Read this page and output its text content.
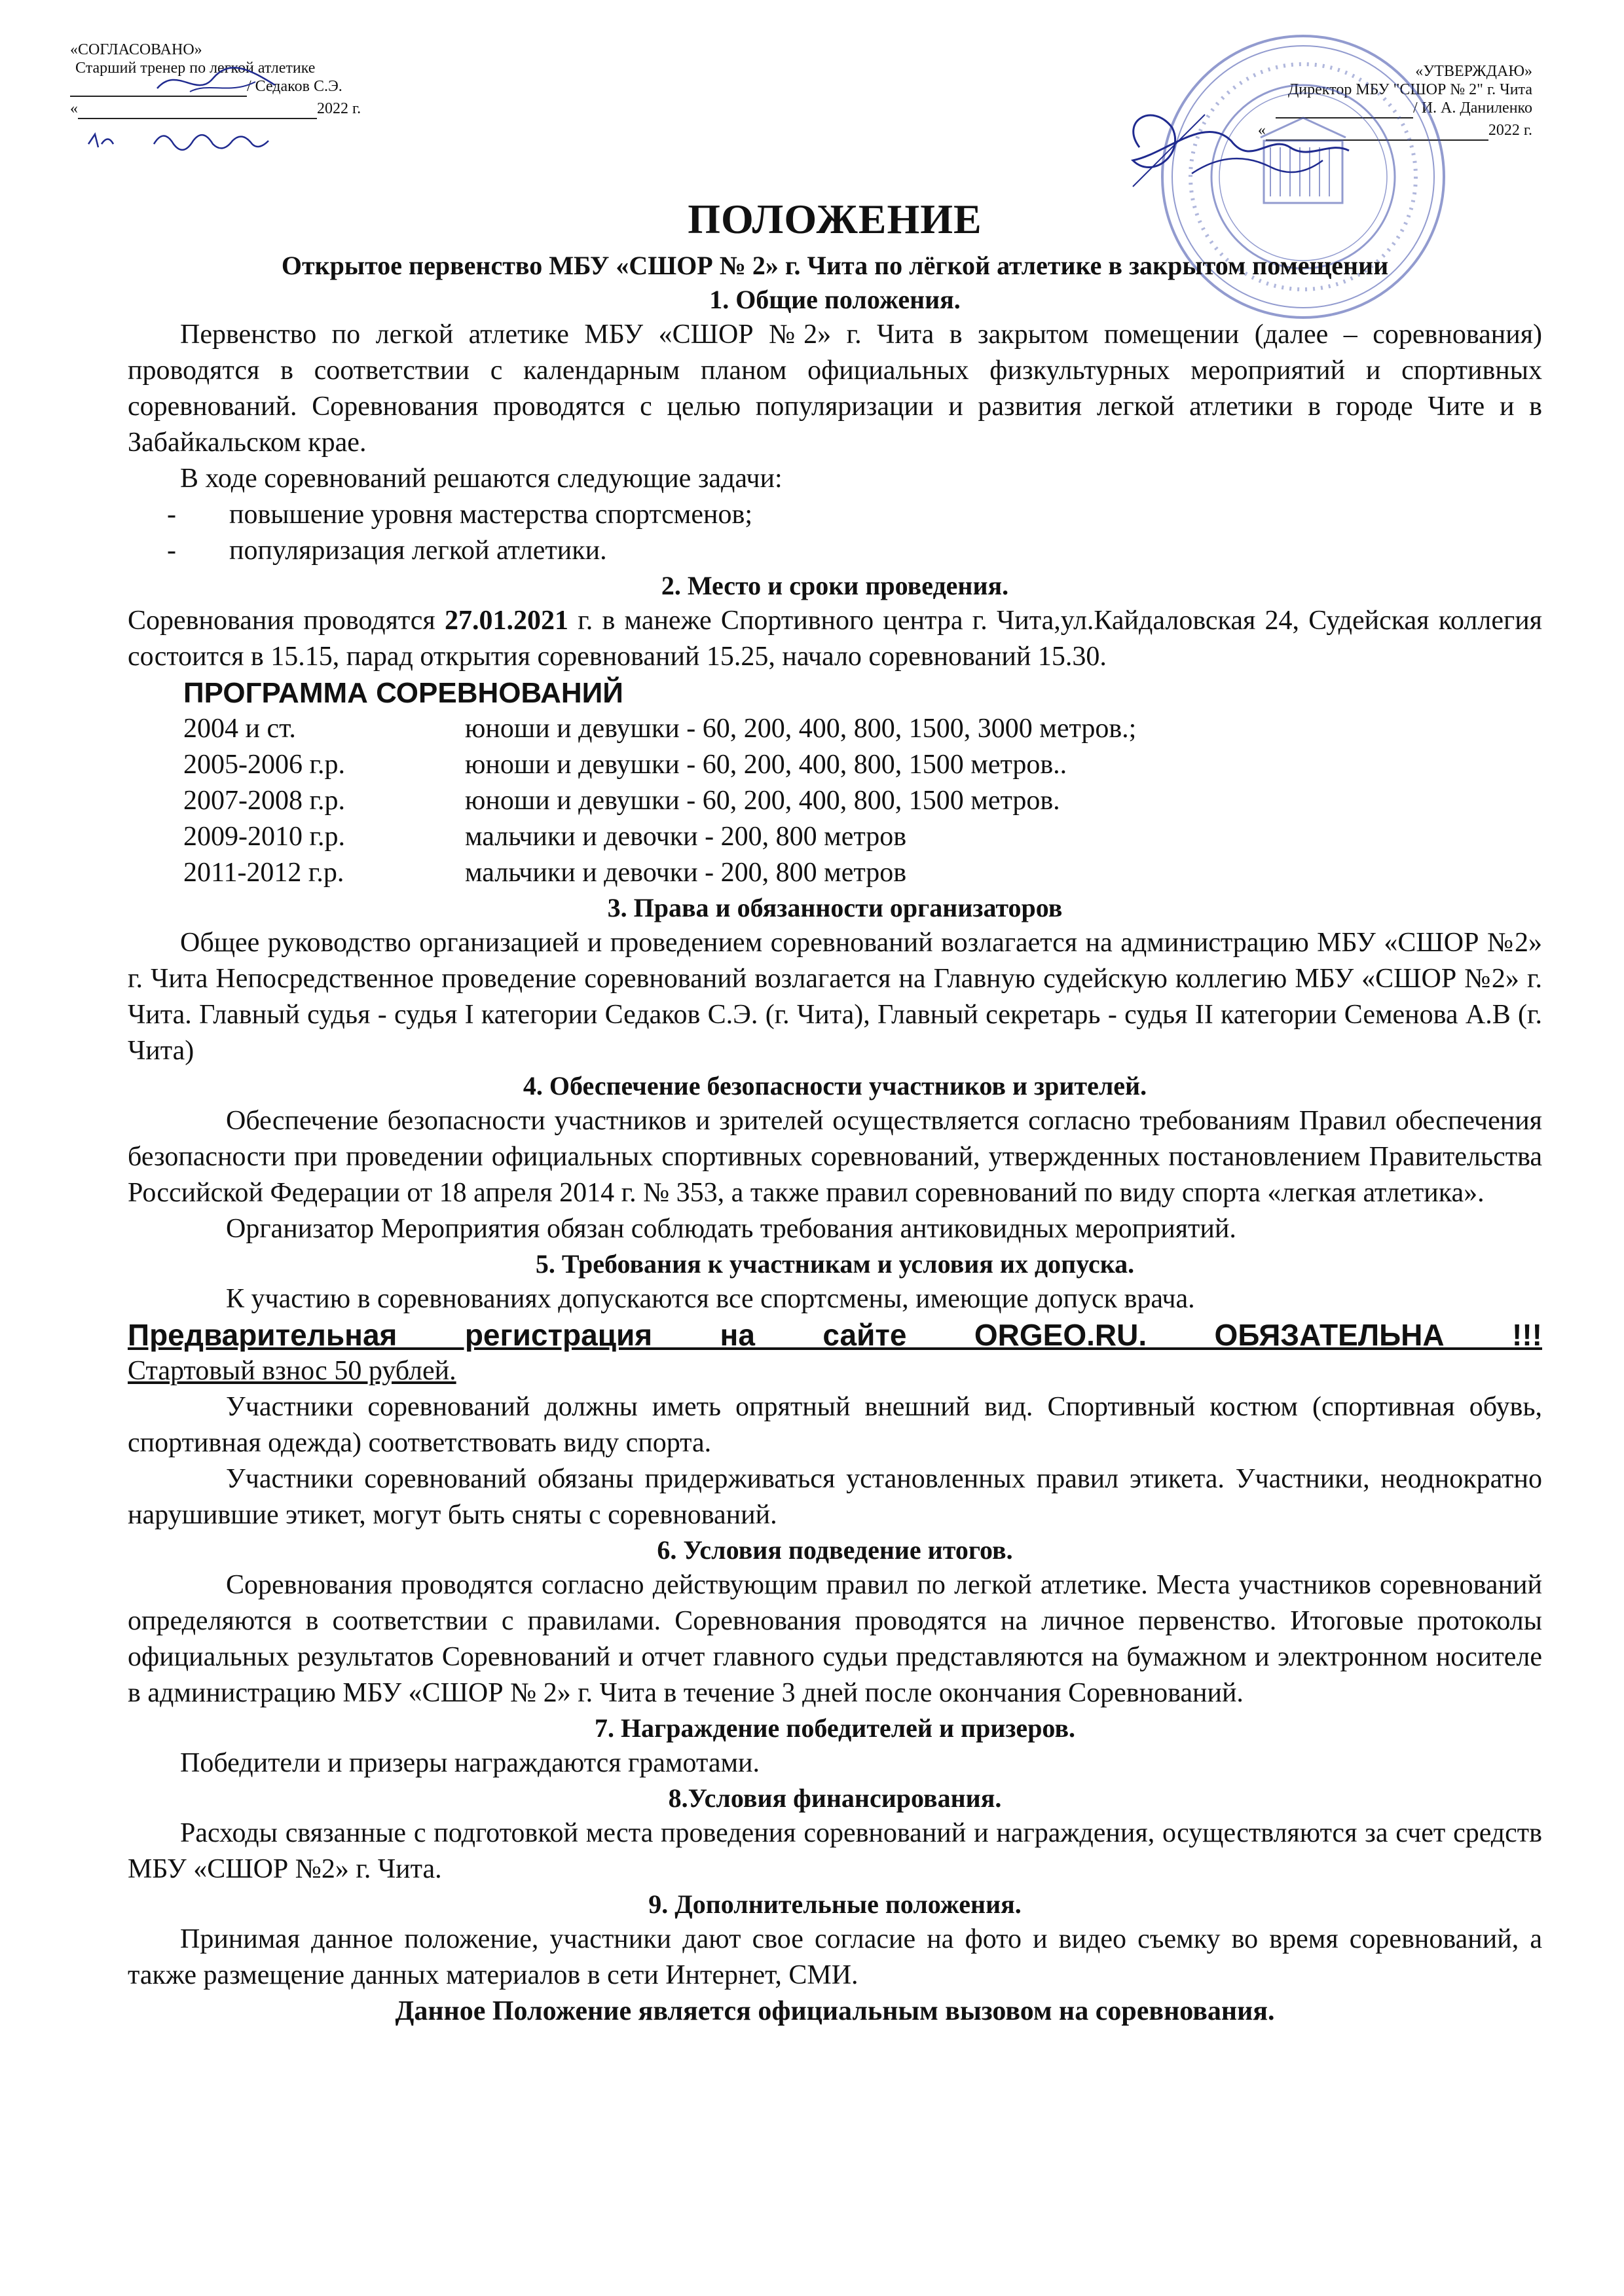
«СОГЛАСОВАНО»
Старший тренер по легкой атлетике
/ Седаков С.Э.
«	2022 г.
«УТВЕРЖДАЮ»
Директор МБУ "СШОР № 2" г. Чита
/ И. А. Даниленко
«	2022 г.
ПОЛОЖЕНИЕ
Открытое первенство МБУ «СШОР № 2» г. Чита по лёгкой атлетике в закрытом помещении
1. Общие положения.

Первенство по легкой атлетике МБУ «СШОР №2» г. Чита в закрытом помещении (далее – соревнования) проводятся в соответствии с календарным планом официальных физкультурных мероприятий и спортивных соревнований. Соревнования проводятся с целью популяризации и развития легкой атлетики в городе Чите и в Забайкальском крае.

В ходе соревнований решаются следующие задачи:

-	повышение уровня мастерства спортсменов;
-	популяризация легкой атлетики.
2. Место и сроки проведения.

Соревнования проводятся 27.01.2021 г. в манеже Спортивного центра г. Чита,ул.Кайдаловская 24, Судейская коллегия состоится в 15.15, парад открытия соревнований 15.25, начало соревнований 15.30.

ПРОГРАММА СОРЕВНОВАНИЙ
2004 и ст.	юноши и девушки - 60, 200, 400, 800, 1500, 3000 метров.;
2005-2006 г.р.	юноши и девушки - 60, 200, 400, 800, 1500 метров..
2007-2008 г.р.	юноши и девушки - 60, 200, 400, 800, 1500 метров.
2009-2010 г.р.	мальчики и девочки - 200, 800 метров
2011-2012 г.р.	мальчики и девочки - 200, 800 метров
3. Права и обязанности организаторов

Общее руководство организацией и проведением соревнований возлагается на администрацию МБУ «СШОР №2» г. Чита Непосредственное проведение соревнований возлагается на Главную судейскую коллегию МБУ «СШОР №2» г. Чита. Главный судья - судья I категории Седаков С.Э. (г. Чита), Главный секретарь - судья II категории Семенова А.В (г. Чита)

4. Обеспечение безопасности участников и зрителей.

Обеспечение безопасности участников и зрителей осуществляется согласно требованиям Правил обеспечения безопасности при проведении официальных спортивных соревнований, утвержденных постановлением Правительства Российской Федерации от 18 апреля 2014 г. № 353, а также правил соревнований по виду спорта «легкая атлетика».

Организатор Мероприятия обязан соблюдать требования антиковидных мероприятий.

5. Требования к участникам и условия их допуска.

К участию в соревнованиях допускаются все спортсмены, имеющие допуск врача.

Предварительная регистрация на сайте ORGEO.RU. ОБЯЗАТЕЛЬНА !!!

Стартовый взнос 50 рублей.

Участники соревнований должны иметь опрятный внешний вид. Спортивный костюм (спортивная обувь, спортивная одежда) соответствовать виду спорта.

Участники соревнований обязаны придерживаться установленных правил этикета. Участники, неоднократно нарушившие этикет, могут быть сняты с соревнований.

6. Условия подведение итогов.

Соревнования проводятся согласно действующим правил по легкой атлетике. Места участников соревнований определяются в соответствии с правилами. Соревнования проводятся на личное первенство. Итоговые протоколы официальных результатов Соревнований и отчет главного судьи представляются на бумажном и электронном носителе в администрацию МБУ «СШОР № 2» г. Чита в течение 3 дней после окончания Соревнований.

7. Награждение победителей и призеров.

Победители и призеры награждаются грамотами.

8.Условия финансирования.

Расходы связанные с подготовкой места проведения соревнований и награждения, осуществляются за счет средств МБУ «СШОР №2» г. Чита.

9. Дополнительные положения.

Принимая данное положение, участники дают свое согласие на фото и видео съемку во время соревнований, а также размещение данных материалов в сети Интернет, СМИ.

Данное Положение является официальным вызовом на соревнования.
